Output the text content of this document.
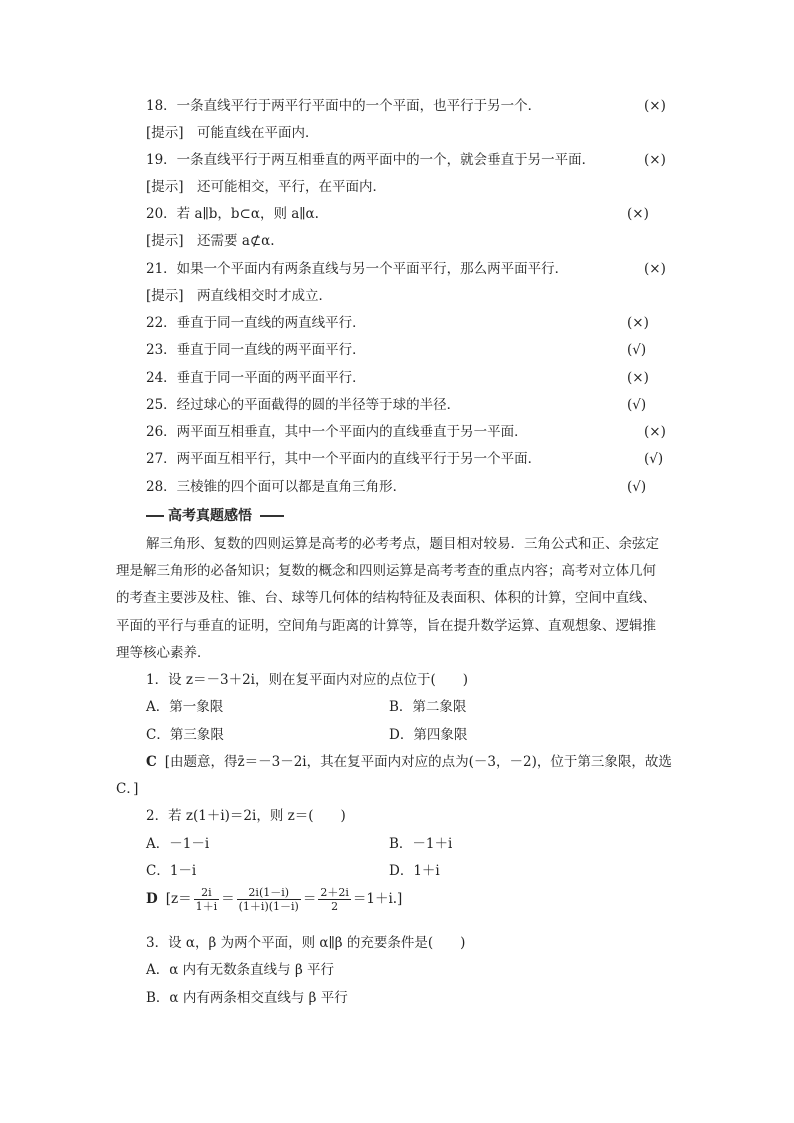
18．一条直线平行于两平行平面中的一个平面，也平行于另一个．	(×)
[提示]　可能直线在平面内．
19．一条直线平行于两互相垂直的两平面中的一个，就会垂直于另一平面．	(×)
[提示]　还可能相交，平行，在平面内．
20．若 a∥b，b⊂α，则 a∥α.	(×)
[提示]　还需要 a⊄α.
21．如果一个平面内有两条直线与另一个平面平行，那么两平面平行．	(×)
[提示]　两直线相交时才成立．
22．垂直于同一直线的两直线平行．	(×)
23．垂直于同一直线的两平面平行．	(√)
24．垂直于同一平面的两平面平行．	(×)
25．经过球心的平面截得的圆的半径等于球的半径．	(√)
26．两平面互相垂直，其中一个平面内的直线垂直于另一平面．	(×)
27．两平面互相平行，其中一个平面内的直线平行于另一个平面．	(√)
28．三棱锥的四个面可以都是直角三角形．	(√)
高考真题感悟
解三角形、复数的四则运算是高考的必考考点，题目相对较易．三角公式和正、余弦定
理是解三角形的必备知识；复数的概念和四则运算是高考考查的重点内容；高考对立体几何
的考查主要涉及柱、锥、台、球等几何体的结构特征及表面积、体积的计算，空间中直线、
平面的平行与垂直的证明，空间角与距离的计算等，旨在提升数学运算、直观想象、逻辑推
理等核心素养．
1．设 z＝－3＋2i，则在复平面内对应的点位于(　　)
A．第一象限	B．第二象限
C．第三象限	D．第四象限
C [由题意，得z̄＝－3－2i，其在复平面内对应的点为(－3，－2)，位于第三象限，故选
C．]
2．若 z(1＋i)＝2i，则 z＝(　　)
A．－1－i	B．－1＋i
C．1－i	D．1＋i
D $[z= \frac{2i}{1+i} = \frac{2i(1-i)}{(1+i)(1-i)} = \frac{2+2i}{2} =1+i.]$
3．设 α，β 为两个平面，则 α∥β 的充要条件是(　　)
A．α 内有无数条直线与 β 平行
B．α 内有两条相交直线与 β 平行
